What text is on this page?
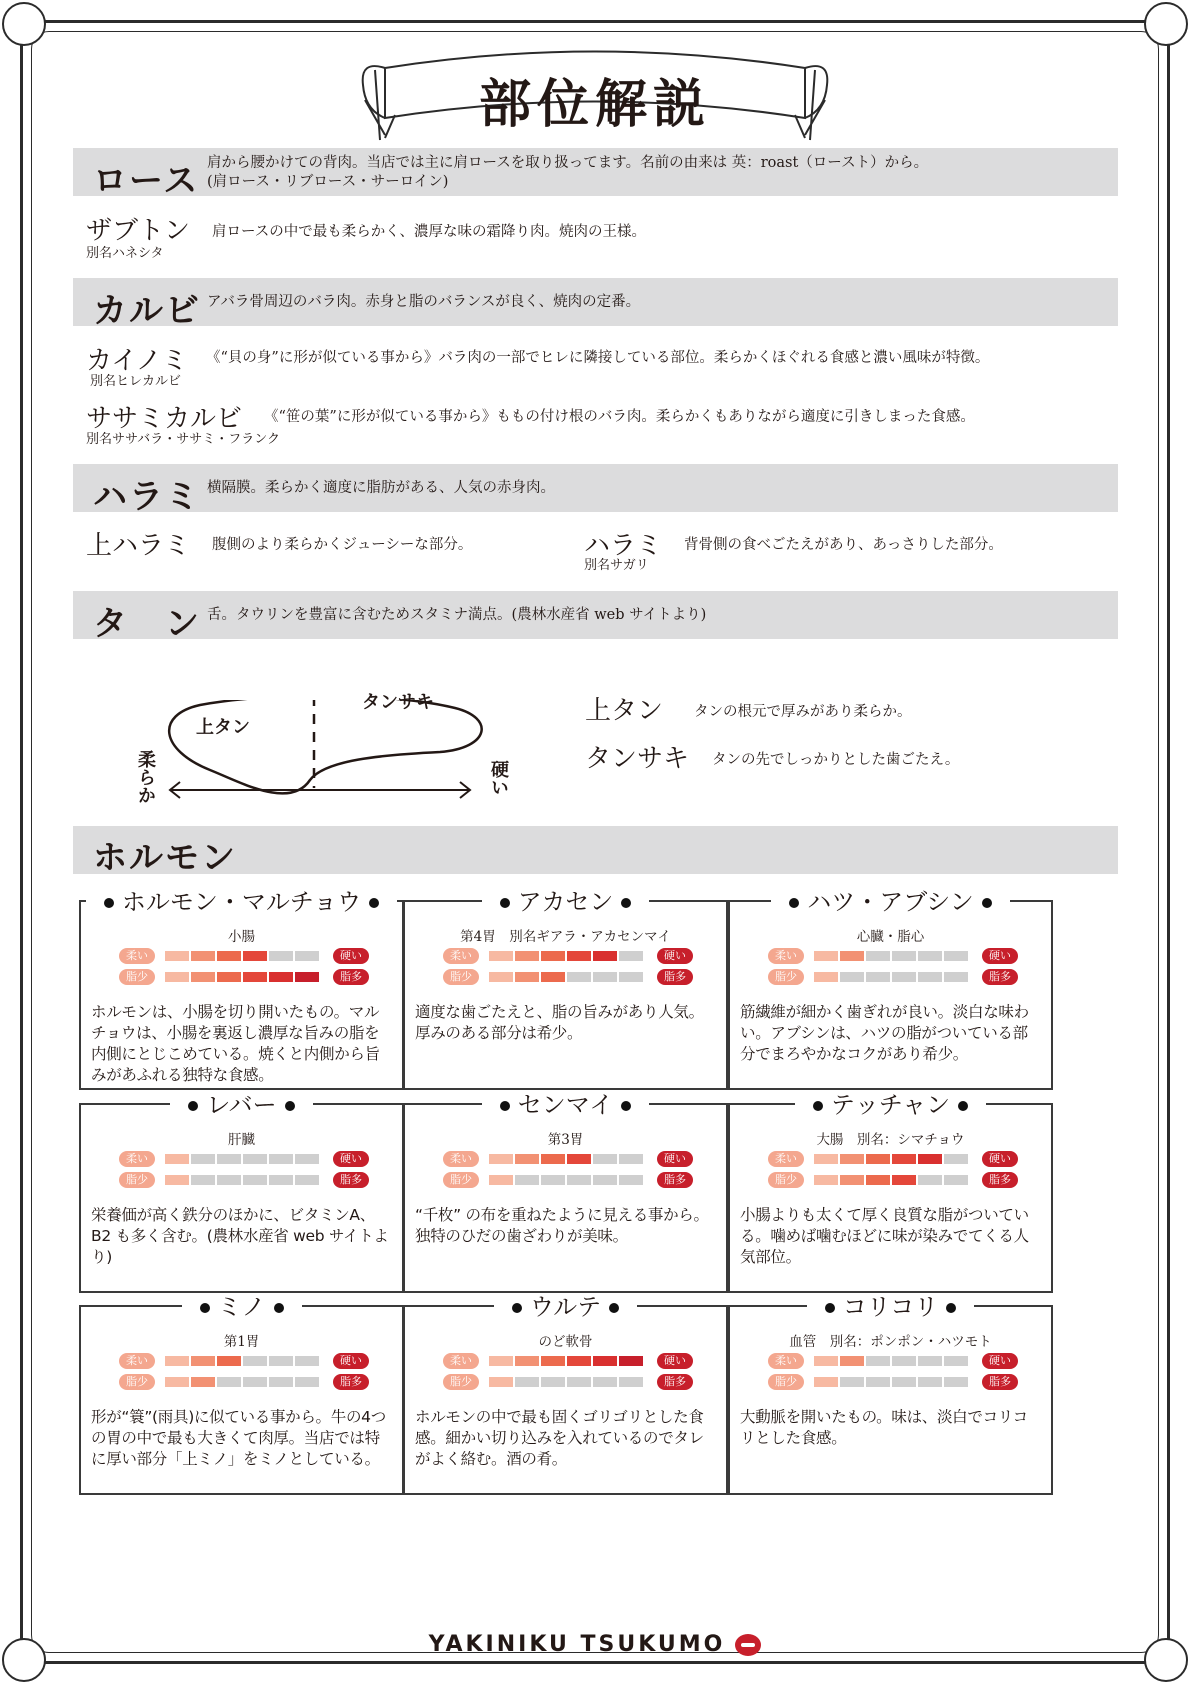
部位解説
ロース 肩から腰かけての背肉。当店では主に肩ロースを取り扱ってます。名前の由来は 英：roast（ロースト）から。
(肩ロース・リブロース・サーロイン)
ザブトン
別名ハネシタ
肩ロースの中で最も柔らかく、濃厚な味の霜降り肉。焼肉の王様。
カルビ アバラ骨周辺のバラ肉。赤身と脂のバランスが良く、焼肉の定番。
カイノミ
別名ヒレカルビ
《“貝の身”に形が似ている事から》バラ肉の一部でヒレに隣接している部位。柔らかくほぐれる食感と濃い風味が特徴。
ササミカルビ
別名ササバラ・ササミ・フランク
《“笹の葉”に形が似ている事から》ももの付け根のバラ肉。柔らかくもありながら適度に引きしまった食感。
ハラミ 横隔膜。柔らかく適度に脂肪がある、人気の赤身肉。
上ハラミ 腹側のより柔らかくジューシーな部分。	ハラミ
別名サガリ
背骨側の食べごたえがあり、あっさりした部分。
タ　ン 舌。タウリンを豊富に含むためスタミナ満点。(農林水産省 web サイトより)
上タン
タンサキ
柔らか	硬い
上タン タンの根元で厚みがあり柔らか。
タンサキ タンの先でしっかりとした歯ごたえ。
ホルモン
ホルモン・マルチョウ
小腸
柔い	硬い
脂少	脂多
ホルモンは、小腸を切り開いたもの。マルチョウは、小腸を裏返し濃厚な旨みの脂を内側にとじこめている。焼くと内側から旨みがあふれる独特な食感。
アカセン
第4胃　別名ギアラ・アカセンマイ
柔い	硬い
脂少	脂多
適度な歯ごたえと、脂の旨みがあり人気。厚みのある部分は希少。
ハツ・アブシン
心臓・脂心
柔い	硬い
脂少	脂多
筋繊維が細かく歯ぎれが良い。淡白な味わい。アブシンは、ハツの脂がついている部分でまろやかなコクがあり希少。
レバー
肝臓
柔い	硬い
脂少	脂多
栄養価が高く鉄分のほかに、ビタミンA、B2 も多く含む。(農林水産省 web サイトより)
センマイ
第3胃
柔い	硬い
脂少	脂多
“千枚” の布を重ねたように見える事から。独特のひだの歯ざわりが美味。
テッチャン
大腸　別名：シマチョウ
柔い	硬い
脂少	脂多
小腸よりも太くて厚く良質な脂がついている。噛めば噛むほどに味が染みでてくる人気部位。
ミノ
第1胃
柔い	硬い
脂少	脂多
形が“簑”(雨具)に似ている事から。牛の4つの胃の中で最も大きくて肉厚。当店では特に厚い部分「上ミノ」をミノとしている。
ウルテ
のど軟骨
柔い	硬い
脂少	脂多
ホルモンの中で最も固くゴリゴリとした食感。細かい切り込みを入れているのでタレがよく絡む。酒の肴。
コリコリ
血管　別名：ポンポン・ハツモト
柔い	硬い
脂少	脂多
大動脈を開いたもの。味は、淡白でコリコリとした食感。
YAKINIKU TSUKUMO
